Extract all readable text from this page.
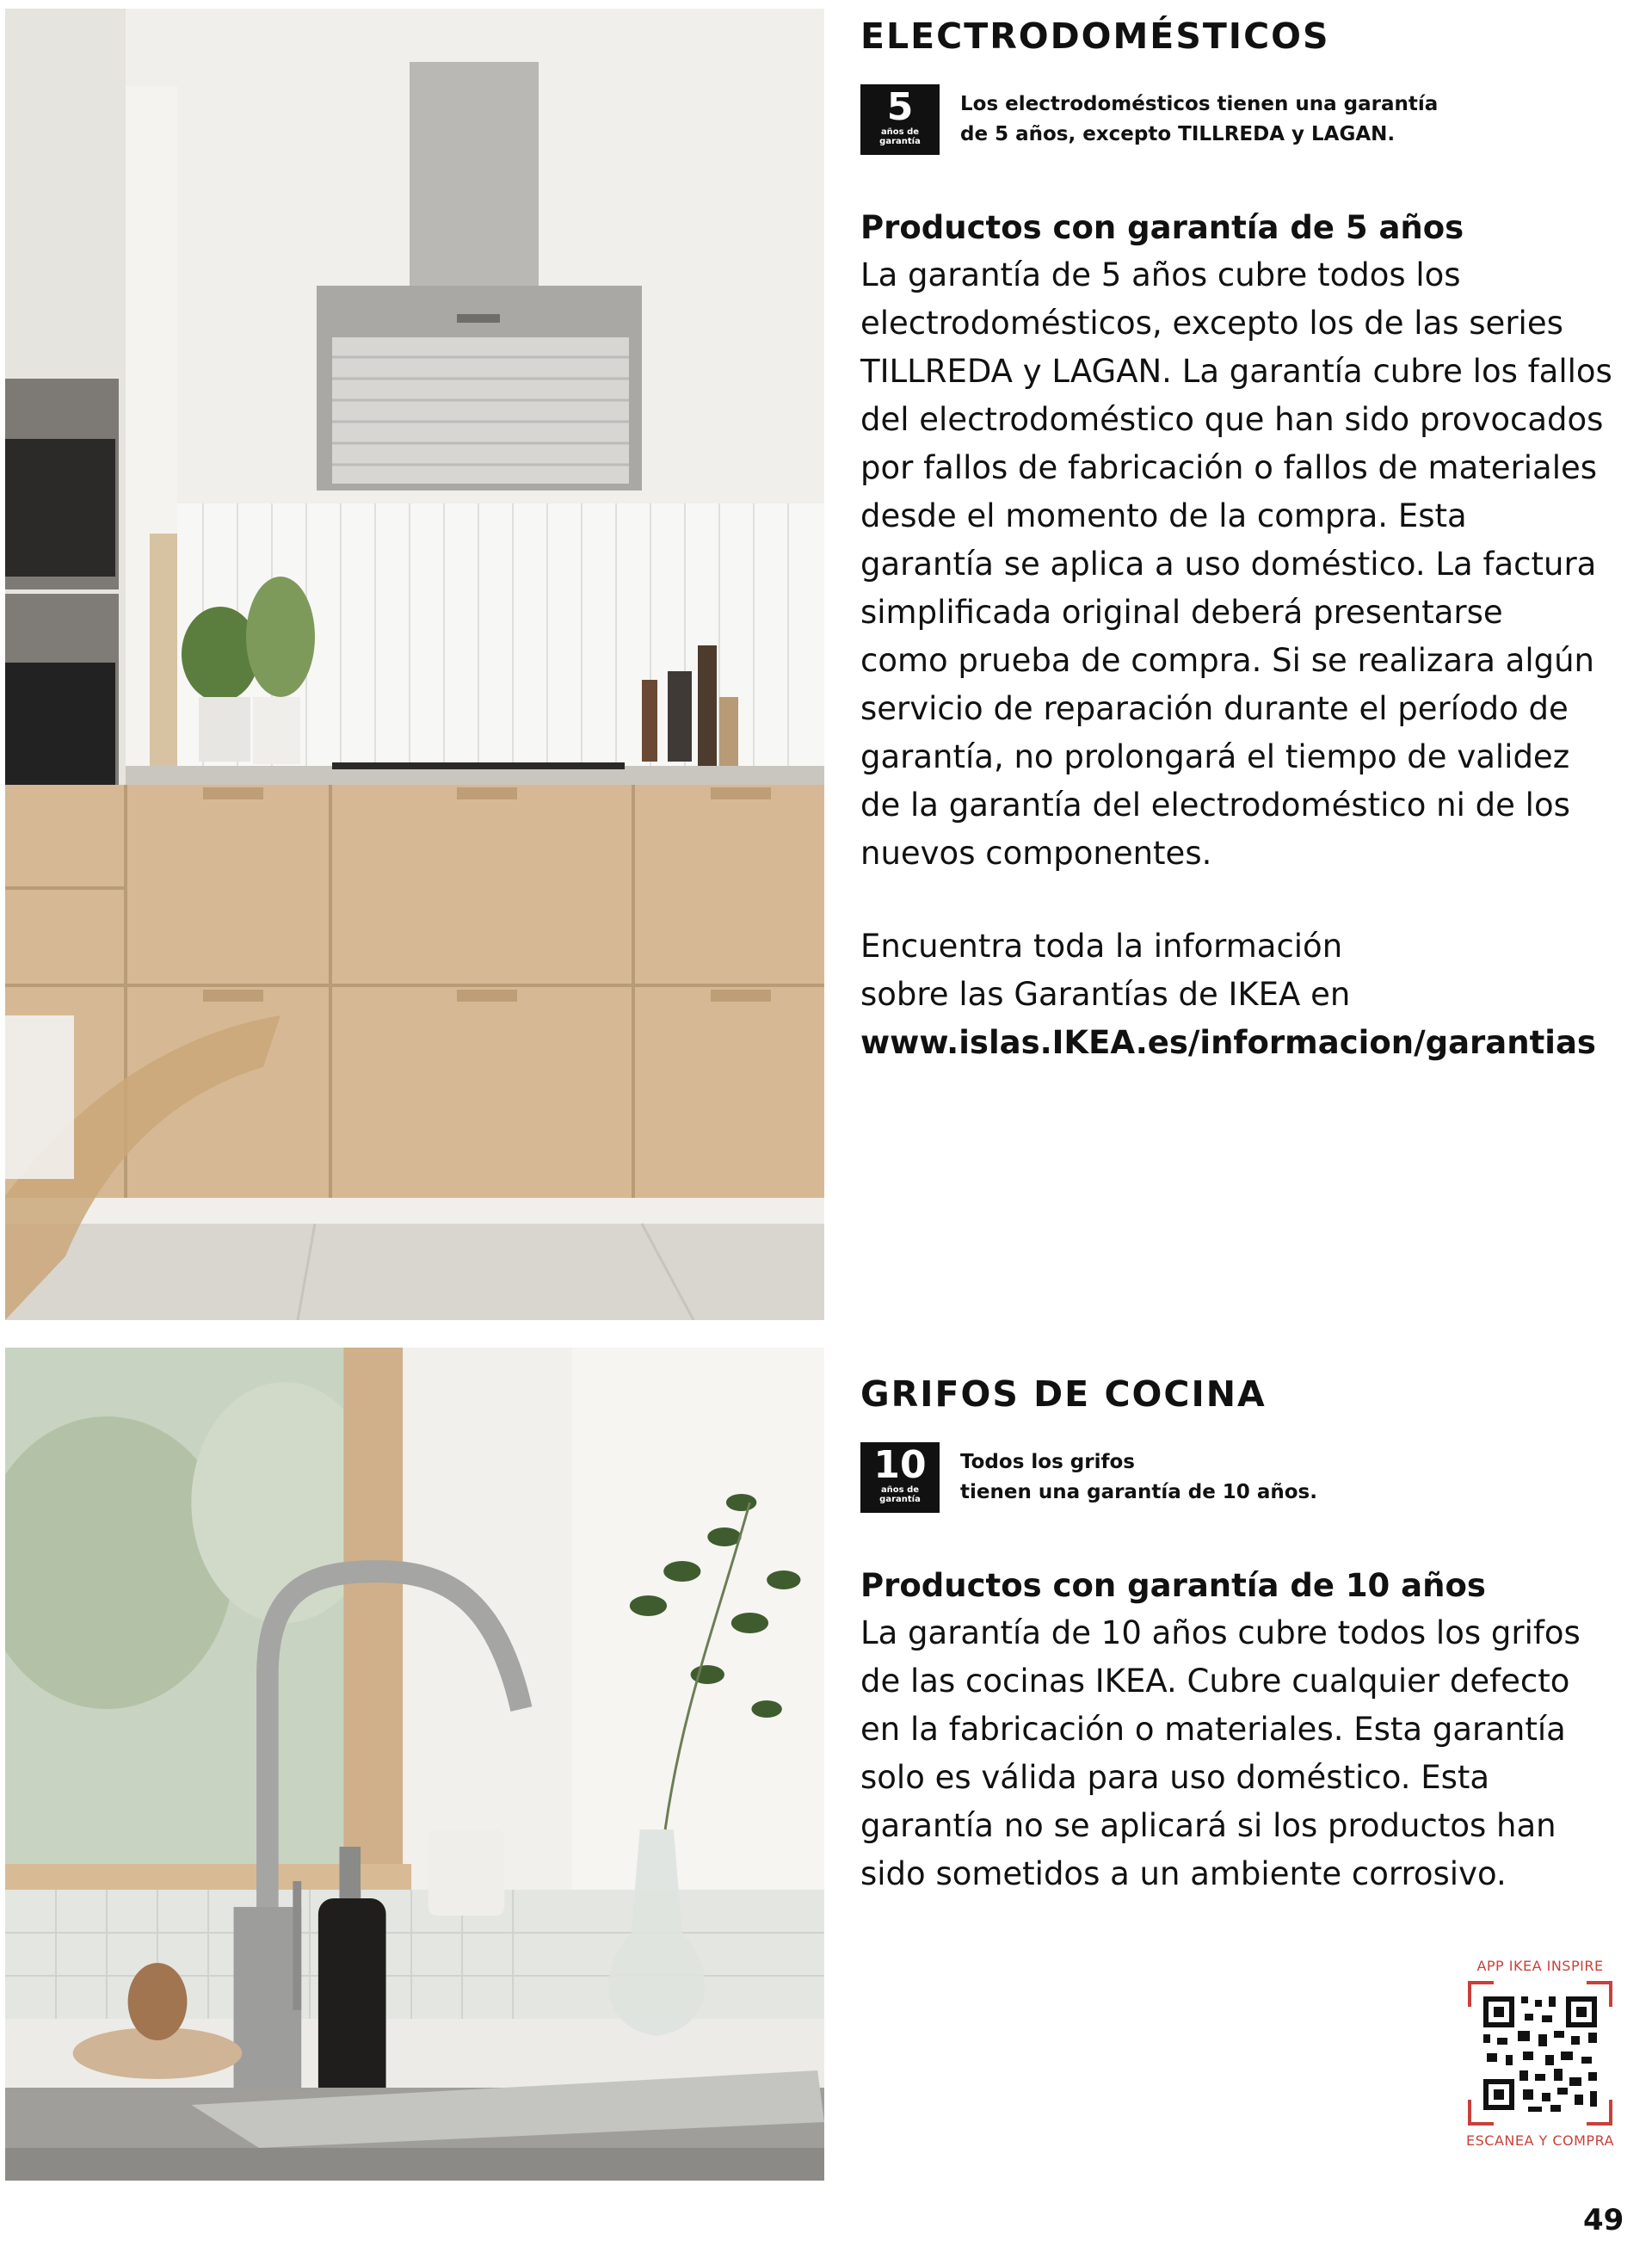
ELECTRODOMÉSTICOS
5
años de
garantía
Los electrodomésticos tienen una garantía
de 5 años, excepto TILLREDA y LAGAN.
Productos con garantía de 5 años

La garantía de 5 años cubre todos los
electrodomésticos, excepto los de las series
TILLREDA y LAGAN. La garantía cubre los fallos
del electrodoméstico que han sido provocados
por fallos de fabricación o fallos de materiales
desde el momento de la compra. Esta
garantía se aplica a uso doméstico. La factura
simplificada original deberá presentarse
como prueba de compra. Si se realizara algún
servicio de reparación durante el período de
garantía, no prolongará el tiempo de validez
de la garantía del electrodoméstico ni de los
nuevos componentes.

Encuentra toda la información
sobre las Garantías de IKEA en
www.islas.IKEA.es/informacion/garantias

GRIFOS DE COCINA
10
años de
garantía
Todos los grifos
tienen una garantía de 10 años.
Productos con garantía de 10 años

La garantía de 10 años cubre todos los grifos
de las cocinas IKEA. Cubre cualquier defecto
en la fabricación o materiales. Esta garantía
solo es válida para uso doméstico. Esta
garantía no se aplicará si los productos han
sido sometidos a un ambiente corrosivo.

APP IKEA INSPIRE
ESCANEA Y COMPRA
49
